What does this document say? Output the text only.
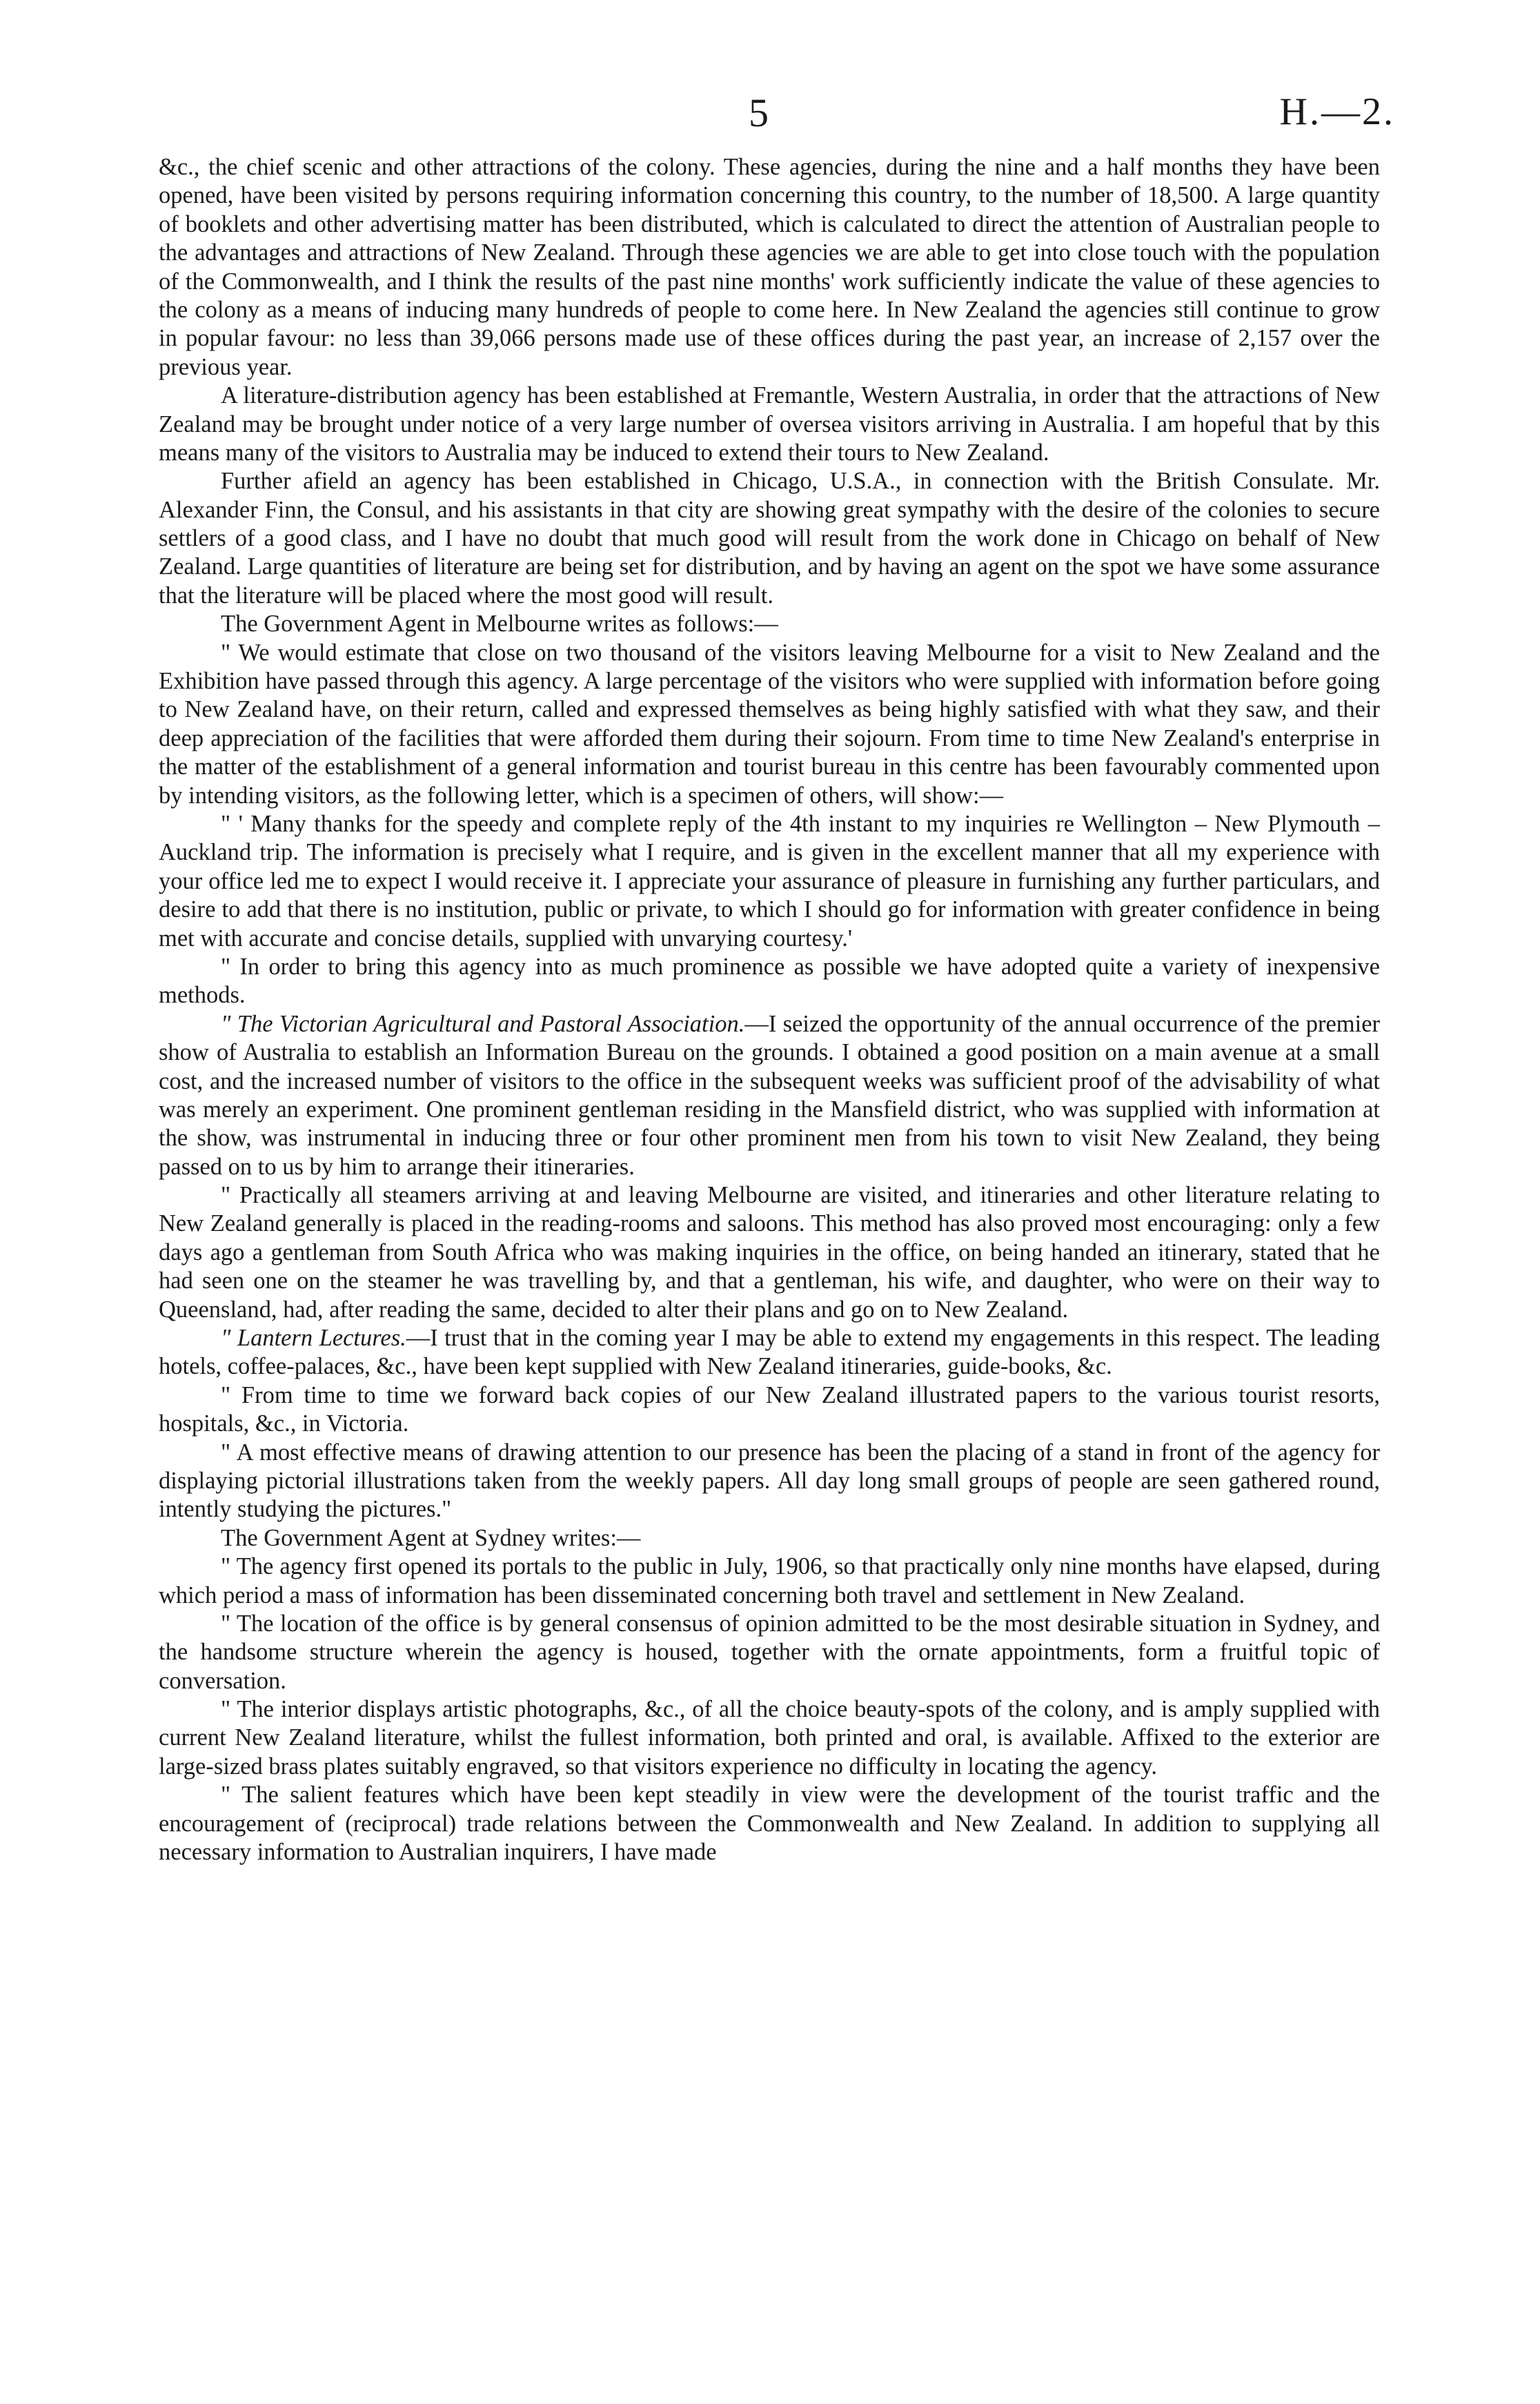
5	H.—2.

&c., the chief scenic and other attractions of the colony. These agencies, during the nine and a half months they have been opened, have been visited by persons requiring information concerning this country, to the number of 18,500. A large quantity of booklets and other advertising matter has been distributed, which is calculated to direct the attention of Australian people to the advantages and attractions of New Zealand. Through these agencies we are able to get into close touch with the population of the Commonwealth, and I think the results of the past nine months' work sufficiently indicate the value of these agencies to the colony as a means of inducing many hundreds of people to come here. In New Zealand the agencies still continue to grow in popular favour: no less than 39,066 persons made use of these offices during the past year, an increase of 2,157 over the previous year.

A literature-distribution agency has been established at Fremantle, Western Australia, in order that the attractions of New Zealand may be brought under notice of a very large number of oversea visitors arriving in Australia. I am hopeful that by this means many of the visitors to Australia may be induced to extend their tours to New Zealand.

Further afield an agency has been established in Chicago, U.S.A., in connection with the British Consulate. Mr. Alexander Finn, the Consul, and his assistants in that city are showing great sympathy with the desire of the colonies to secure settlers of a good class, and I have no doubt that much good will result from the work done in Chicago on behalf of New Zealand. Large quantities of literature are being set for distribution, and by having an agent on the spot we have some assurance that the literature will be placed where the most good will result.

The Government Agent in Melbourne writes as follows:—

" We would estimate that close on two thousand of the visitors leaving Melbourne for a visit to New Zealand and the Exhibition have passed through this agency. A large percentage of the visitors who were supplied with information before going to New Zealand have, on their return, called and expressed themselves as being highly satisfied with what they saw, and their deep appreciation of the facilities that were afforded them during their sojourn. From time to time New Zealand's enterprise in the matter of the establishment of a general information and tourist bureau in this centre has been favourably commented upon by intending visitors, as the following letter, which is a specimen of others, will show:—

" ' Many thanks for the speedy and complete reply of the 4th instant to my inquiries re Wellington – New Plymouth – Auckland trip. The information is precisely what I require, and is given in the excellent manner that all my experience with your office led me to expect I would receive it. I appreciate your assurance of pleasure in furnishing any further particulars, and desire to add that there is no institution, public or private, to which I should go for information with greater confidence in being met with accurate and concise details, supplied with unvarying courtesy.'

" In order to bring this agency into as much prominence as possible we have adopted quite a variety of inexpensive methods.

" The Victorian Agricultural and Pastoral Association.—I seized the opportunity of the annual occurrence of the premier show of Australia to establish an Information Bureau on the grounds. I obtained a good position on a main avenue at a small cost, and the increased number of visitors to the office in the subsequent weeks was sufficient proof of the advisability of what was merely an experiment. One prominent gentleman residing in the Mansfield district, who was supplied with information at the show, was instrumental in inducing three or four other prominent men from his town to visit New Zealand, they being passed on to us by him to arrange their itineraries.

" Practically all steamers arriving at and leaving Melbourne are visited, and itineraries and other literature relating to New Zealand generally is placed in the reading-rooms and saloons. This method has also proved most encouraging: only a few days ago a gentleman from South Africa who was making inquiries in the office, on being handed an itinerary, stated that he had seen one on the steamer he was travelling by, and that a gentleman, his wife, and daughter, who were on their way to Queensland, had, after reading the same, decided to alter their plans and go on to New Zealand.

" Lantern Lectures.—I trust that in the coming year I may be able to extend my engagements in this respect. The leading hotels, coffee-palaces, &c., have been kept supplied with New Zealand itineraries, guide-books, &c.

" From time to time we forward back copies of our New Zealand illustrated papers to the various tourist resorts, hospitals, &c., in Victoria.

" A most effective means of drawing attention to our presence has been the placing of a stand in front of the agency for displaying pictorial illustrations taken from the weekly papers. All day long small groups of people are seen gathered round, intently studying the pictures."

The Government Agent at Sydney writes:—

" The agency first opened its portals to the public in July, 1906, so that practically only nine months have elapsed, during which period a mass of information has been disseminated concerning both travel and settlement in New Zealand.

" The location of the office is by general consensus of opinion admitted to be the most desirable situation in Sydney, and the handsome structure wherein the agency is housed, together with the ornate appointments, form a fruitful topic of conversation.

" The interior displays artistic photographs, &c., of all the choice beauty-spots of the colony, and is amply supplied with current New Zealand literature, whilst the fullest information, both printed and oral, is available. Affixed to the exterior are large-sized brass plates suitably engraved, so that visitors experience no difficulty in locating the agency.

" The salient features which have been kept steadily in view were the development of the tourist traffic and the encouragement of (reciprocal) trade relations between the Commonwealth and New Zealand. In addition to supplying all necessary information to Australian inquirers, I have made
